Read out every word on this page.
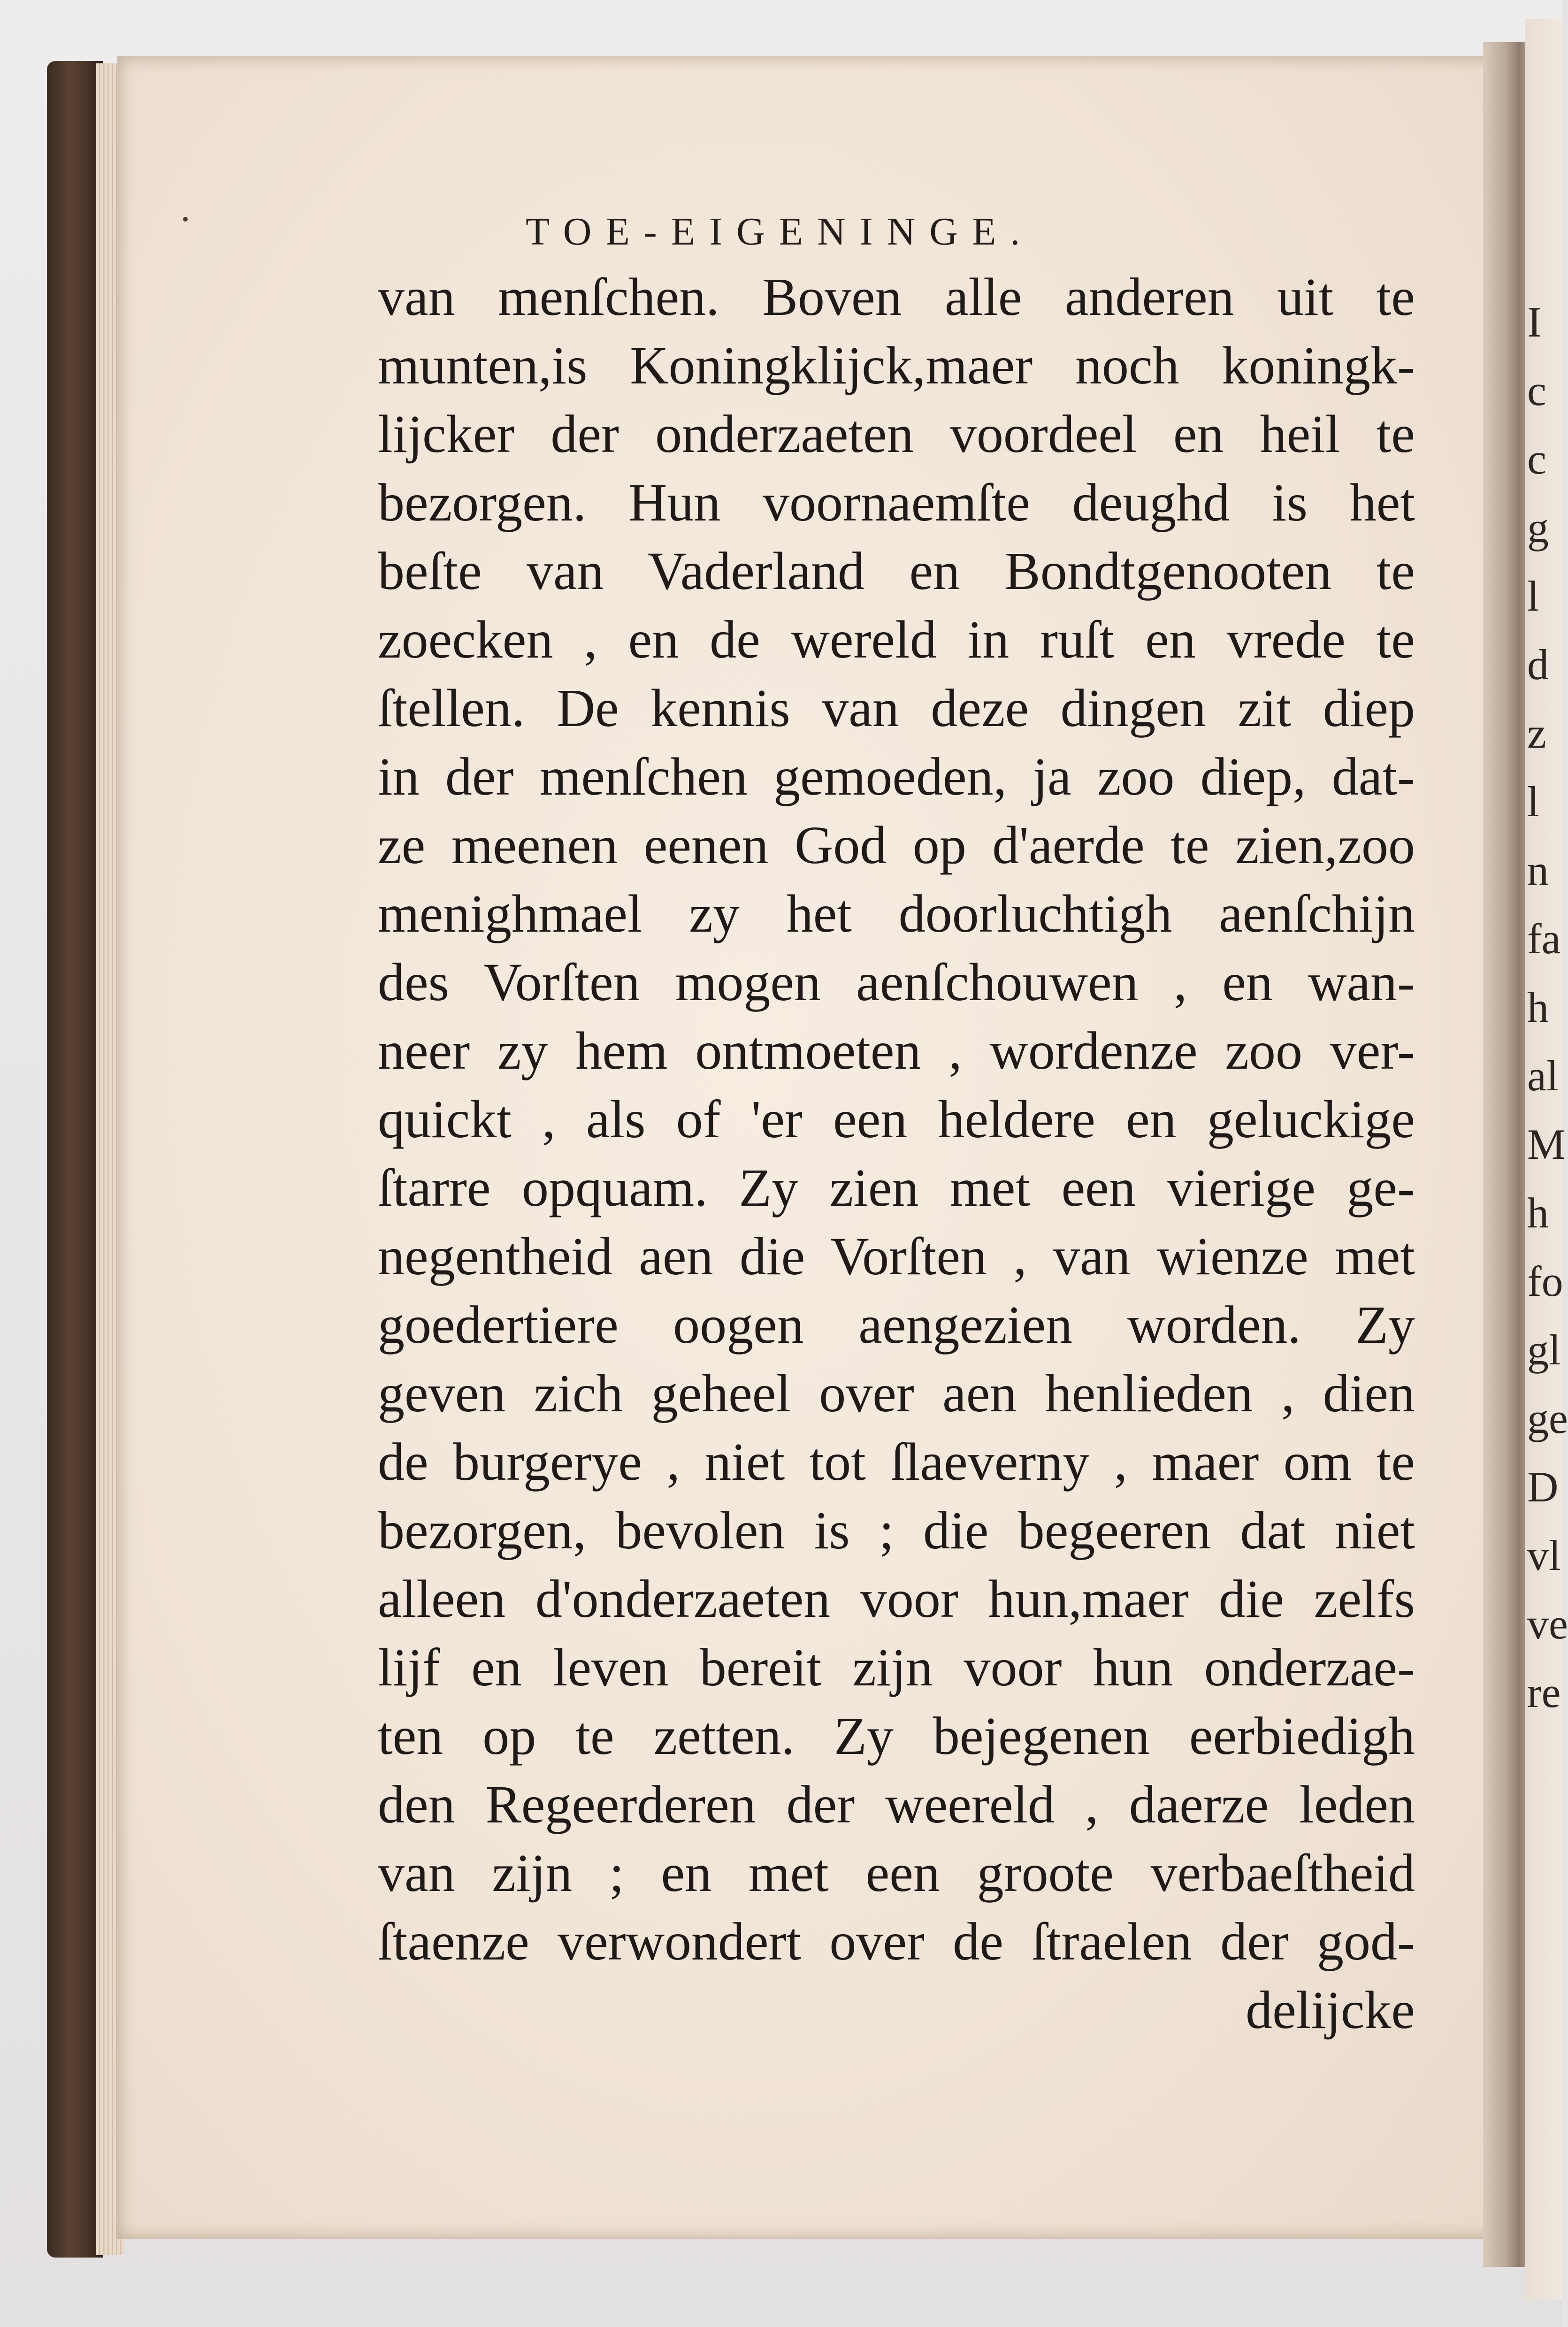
TOE-EIGENINGE.
van menſchen. Boven alle anderen uit te
munten,is Koningklijck,maer noch koningk-
lijcker der onderzaeten voordeel en heil te
bezorgen. Hun voornaemſte deughd is het
beſte van Vaderland en Bondtgenooten te
zoecken , en de wereld in ruſt en vrede te
ſtellen. De kennis van deze dingen zit diep
in der menſchen gemoeden, ja zoo diep, dat-
ze meenen eenen God op d'aerde te zien,zoo
menighmael zy het doorluchtigh aenſchijn
des Vorſten mogen aenſchouwen , en wan-
neer zy hem ontmoeten , wordenze zoo ver-
quickt , als of 'er een heldere en geluckige
ſtarre opquam. Zy zien met een vierige ge-
negentheid aen die Vorſten , van wienze met
goedertiere oogen aengezien worden. Zy
geven zich geheel over aen henlieden , dien
de burgerye , niet tot ſlaeverny , maer om te
bezorgen, bevolen is ; die begeeren dat niet
alleen d'onderzaeten voor hun,maer die zelfs
lijf en leven bereit zijn voor hun onderzae-
ten op te zetten. Zy bejegenen eerbiedigh
den Regeerderen der weereld , daerze leden
van zijn ; en met een groote verbaeſtheid
ſtaenze verwondert over de ſtraelen der god-
delijcke
I
c
c
g
l
d
z
l
n
fa
h
al
M
h
fo
gl
ge
D
vl
ve
re
